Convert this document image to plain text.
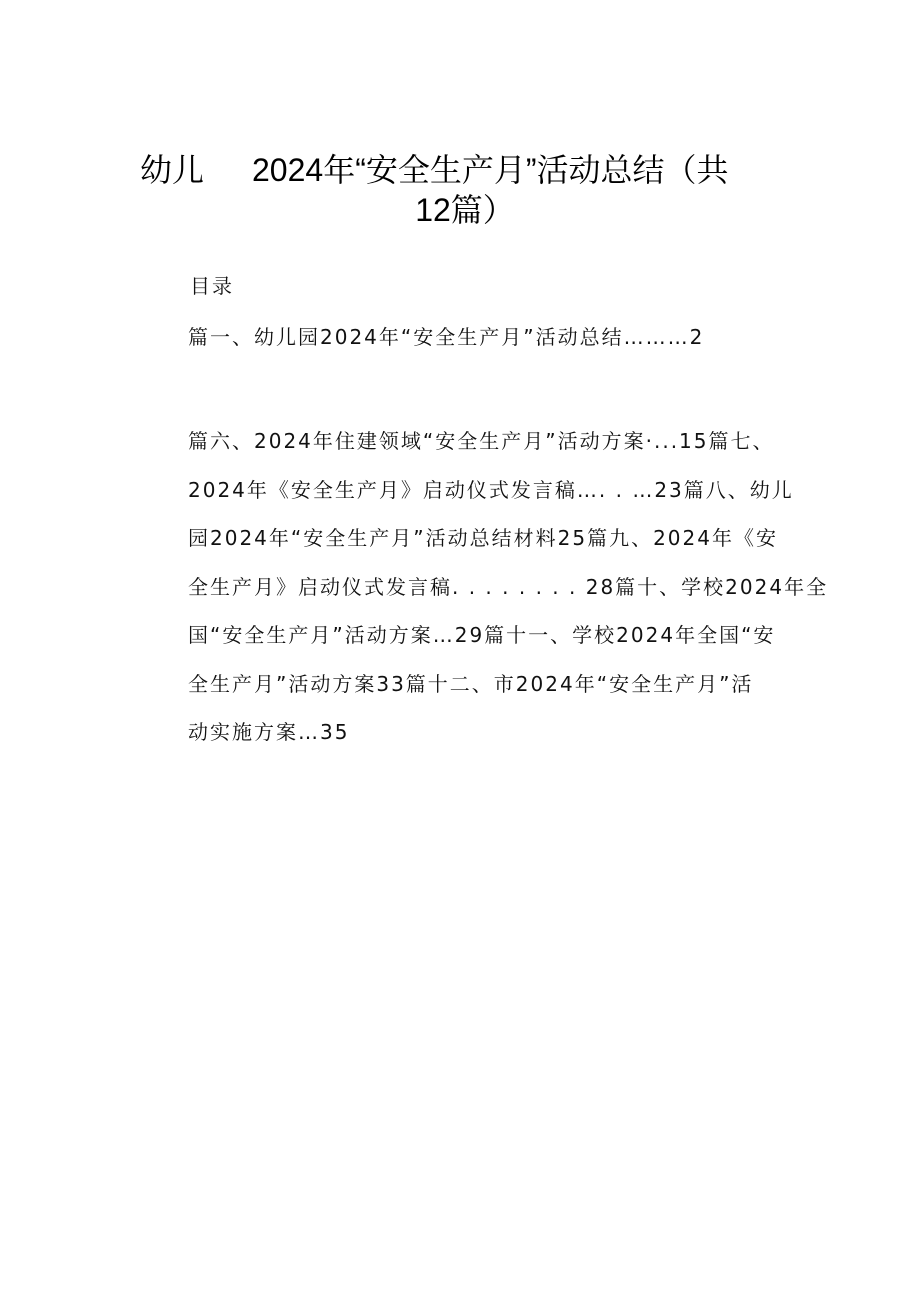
幼儿	2024年“安全生产月”活动总结（共
12篇）
目录
篇一、幼儿园2024年“安全生产月”活动总结………2
篇六、2024年住建领域“安全生产月”活动方案·...15篇七、
2024年《安全生产月》启动仪式发言稿…. . …23篇八、幼儿
园2024年“安全生产月”活动总结材料25篇九、2024年《安
全生产月》启动仪式发言稿. . . . . . . . 28篇十、学校2024年全
国“安全生产月”活动方案…29篇十一、学校2024年全国“安
全生产月”活动方案33篇十二、市2024年“安全生产月”活
动实施方案…35
